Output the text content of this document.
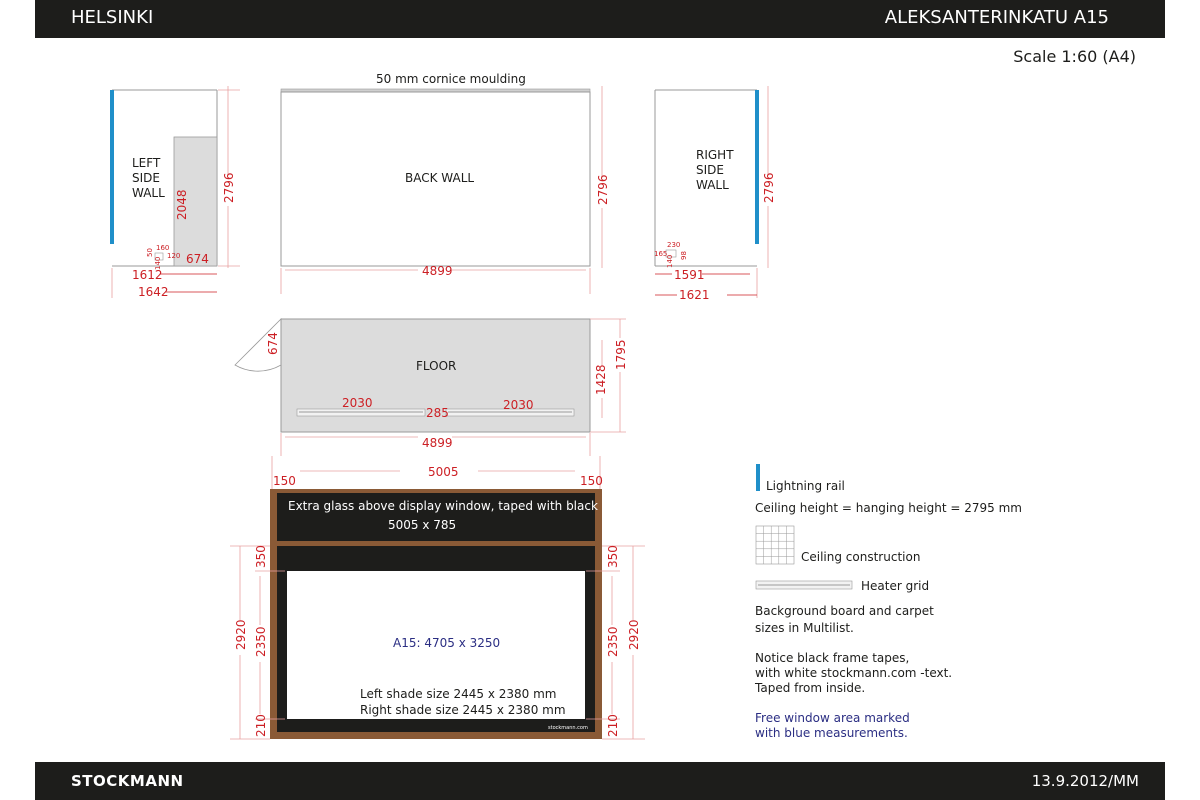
HELSINKI	ALEKSANTERINKATU A15
Scale 1:60 (A4)
LEFT
SIDE
WALL 2048
674
2796
160
120
50
140
1612
1642
50 mm cornice moulding
BACK WALL	2796
4899
RIGHT
SIDE
WALL	2796
230
165 98
140
1591
1621
674
FLOOR
2030
285
2030
1795
1428
4899
5005
150	150
Extra glass above display window, taped with black glossy tape
5005 x 785
A15: 4705 x 3250
Left shade size 2445 x 2380 mm
Right shade size 2445 x 2380 mm
stockmann.com
350
2920 2350
210
350
2920
2350
210
Lightning rail
Ceiling height = hanging height = 2795 mm
Ceiling construction
Heater grid
Background board and carpet
sizes in Multilist.
Notice black frame tapes,
with white stockmann.com -text.
Taped from inside.
Free window area marked
with blue measurements.
STOCKMANN	13.9.2012/MM
